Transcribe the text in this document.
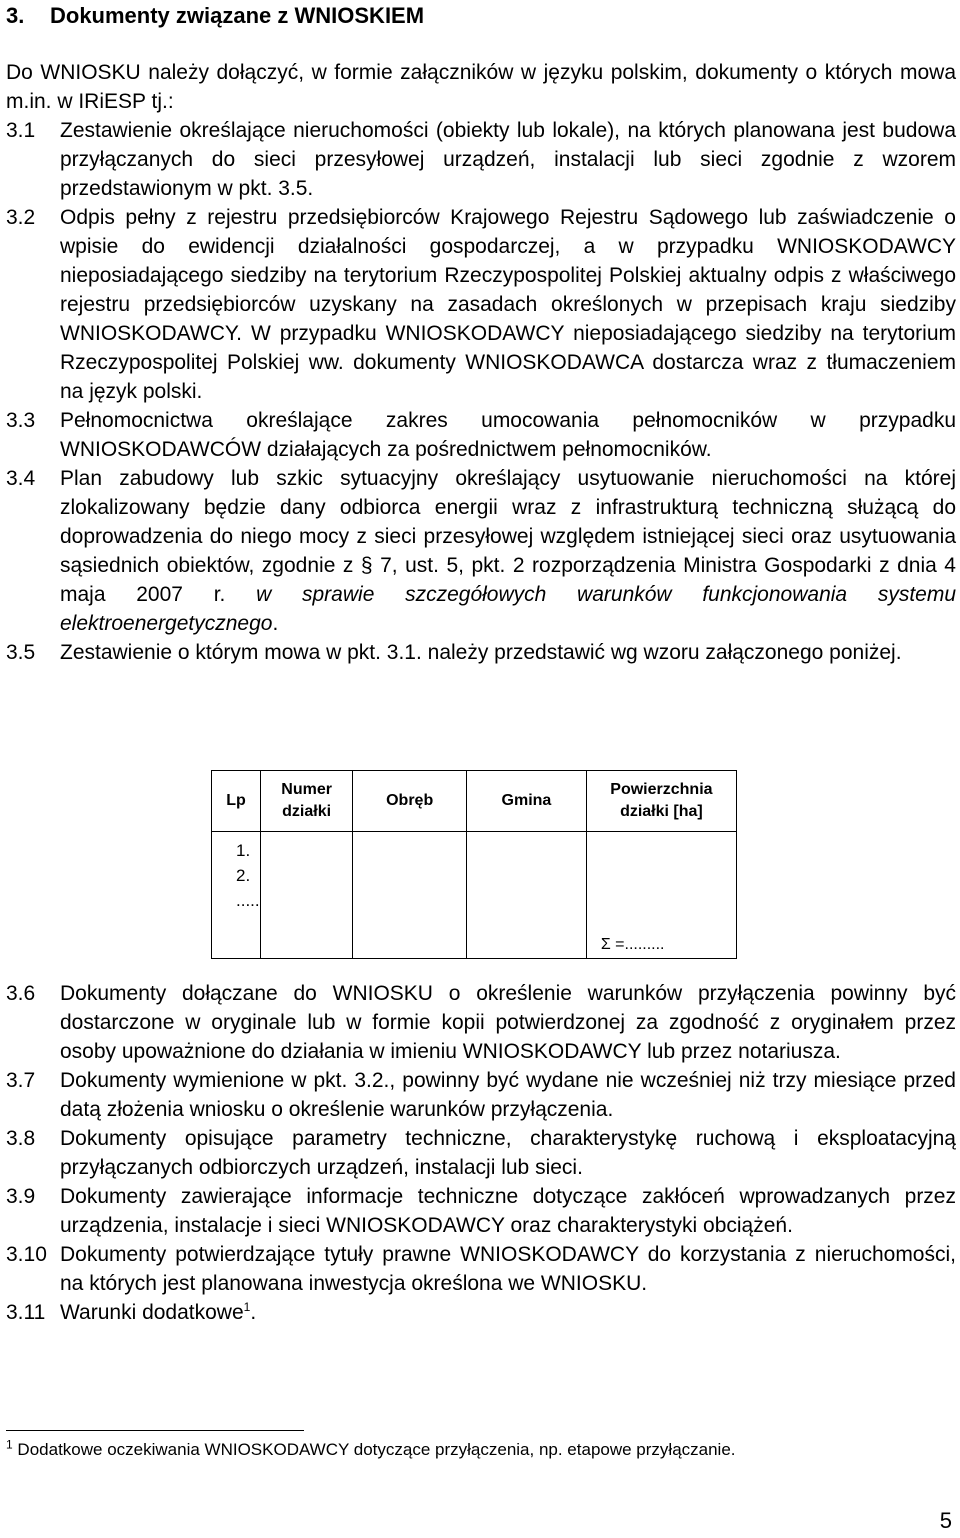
3. Dokumenty związane z WNIOSKIEM
Do WNIOSKU należy dołączyć, w formie załączników w języku polskim, dokumenty o których mowa m.in. w IRiESP tj.:

3.1 Zestawienie określające nieruchomości (obiekty lub lokale), na których planowana jest budowa przyłączanych do sieci przesyłowej urządzeń, instalacji lub sieci zgodnie z wzorem przedstawionym w pkt. 3.5.

3.2 Odpis pełny z rejestru przedsiębiorców Krajowego Rejestru Sądowego lub zaświadczenie o wpisie do ewidencji działalności gospodarczej, a w przypadku WNIOSKODAWCY nieposiadającego siedziby na terytorium Rzeczypospolitej Polskiej aktualny odpis z właściwego rejestru przedsiębiorców uzyskany na zasadach określonych w przepisach kraju siedziby WNIOSKODAWCY. W przypadku WNIOSKODAWCY nieposiadającego siedziby na terytorium Rzeczypospolitej Polskiej ww. dokumenty WNIOSKODAWCA dostarcza wraz z tłumaczeniem na język polski.

3.3 Pełnomocnictwa określające zakres umocowania pełnomocników w przypadku WNIOSKODAWCÓW działających za pośrednictwem pełnomocników.

3.4 Plan zabudowy lub szkic sytuacyjny określający usytuowanie nieruchomości na której zlokalizowany będzie dany odbiorca energii wraz z infrastrukturą techniczną służącą do doprowadzenia do niego mocy z sieci przesyłowej względem istniejącej sieci oraz usytuowania sąsiednich obiektów, zgodnie z § 7, ust. 5, pkt. 2 rozporządzenia Ministra Gospodarki z dnia 4 maja 2007 r. w sprawie szczegółowych warunków funkcjonowania systemu elektroenergetycznego.

3.5 Zestawienie o którym mowa w pkt. 3.1. należy przedstawić wg wzoru załączonego poniżej.

Lp	Numer działki	Obręb	Gmina	Powierzchnia działki [ha]

1.
2.
.....				Σ =.........

3.6 Dokumenty dołączane do WNIOSKU o określenie warunków przyłączenia powinny być dostarczone w oryginale lub w formie kopii potwierdzonej za zgodność z oryginałem przez osoby upoważnione do działania w imieniu WNIOSKODAWCY lub przez notariusza.

3.7 Dokumenty wymienione w pkt. 3.2., powinny być wydane nie wcześniej niż trzy miesiące przed datą złożenia wniosku o określenie warunków przyłączenia.

3.8 Dokumenty opisujące parametry techniczne, charakterystykę ruchową i eksploatacyjną przyłączanych odbiorczych urządzeń, instalacji lub sieci.

3.9 Dokumenty zawierające informacje techniczne dotyczące zakłóceń wprowadzanych przez urządzenia, instalacje i sieci WNIOSKODAWCY oraz charakterystyki obciążeń.

3.10 Dokumenty potwierdzające tytuły prawne WNIOSKODAWCY do korzystania z nieruchomości, na których jest planowana inwestycja określona we WNIOSKU.

3.11 Warunki dodatkowe$^1$.

$^1$ Dodatkowe oczekiwania WNIOSKODAWCY dotyczące przyłączenia, np. etapowe przyłączanie.
5
